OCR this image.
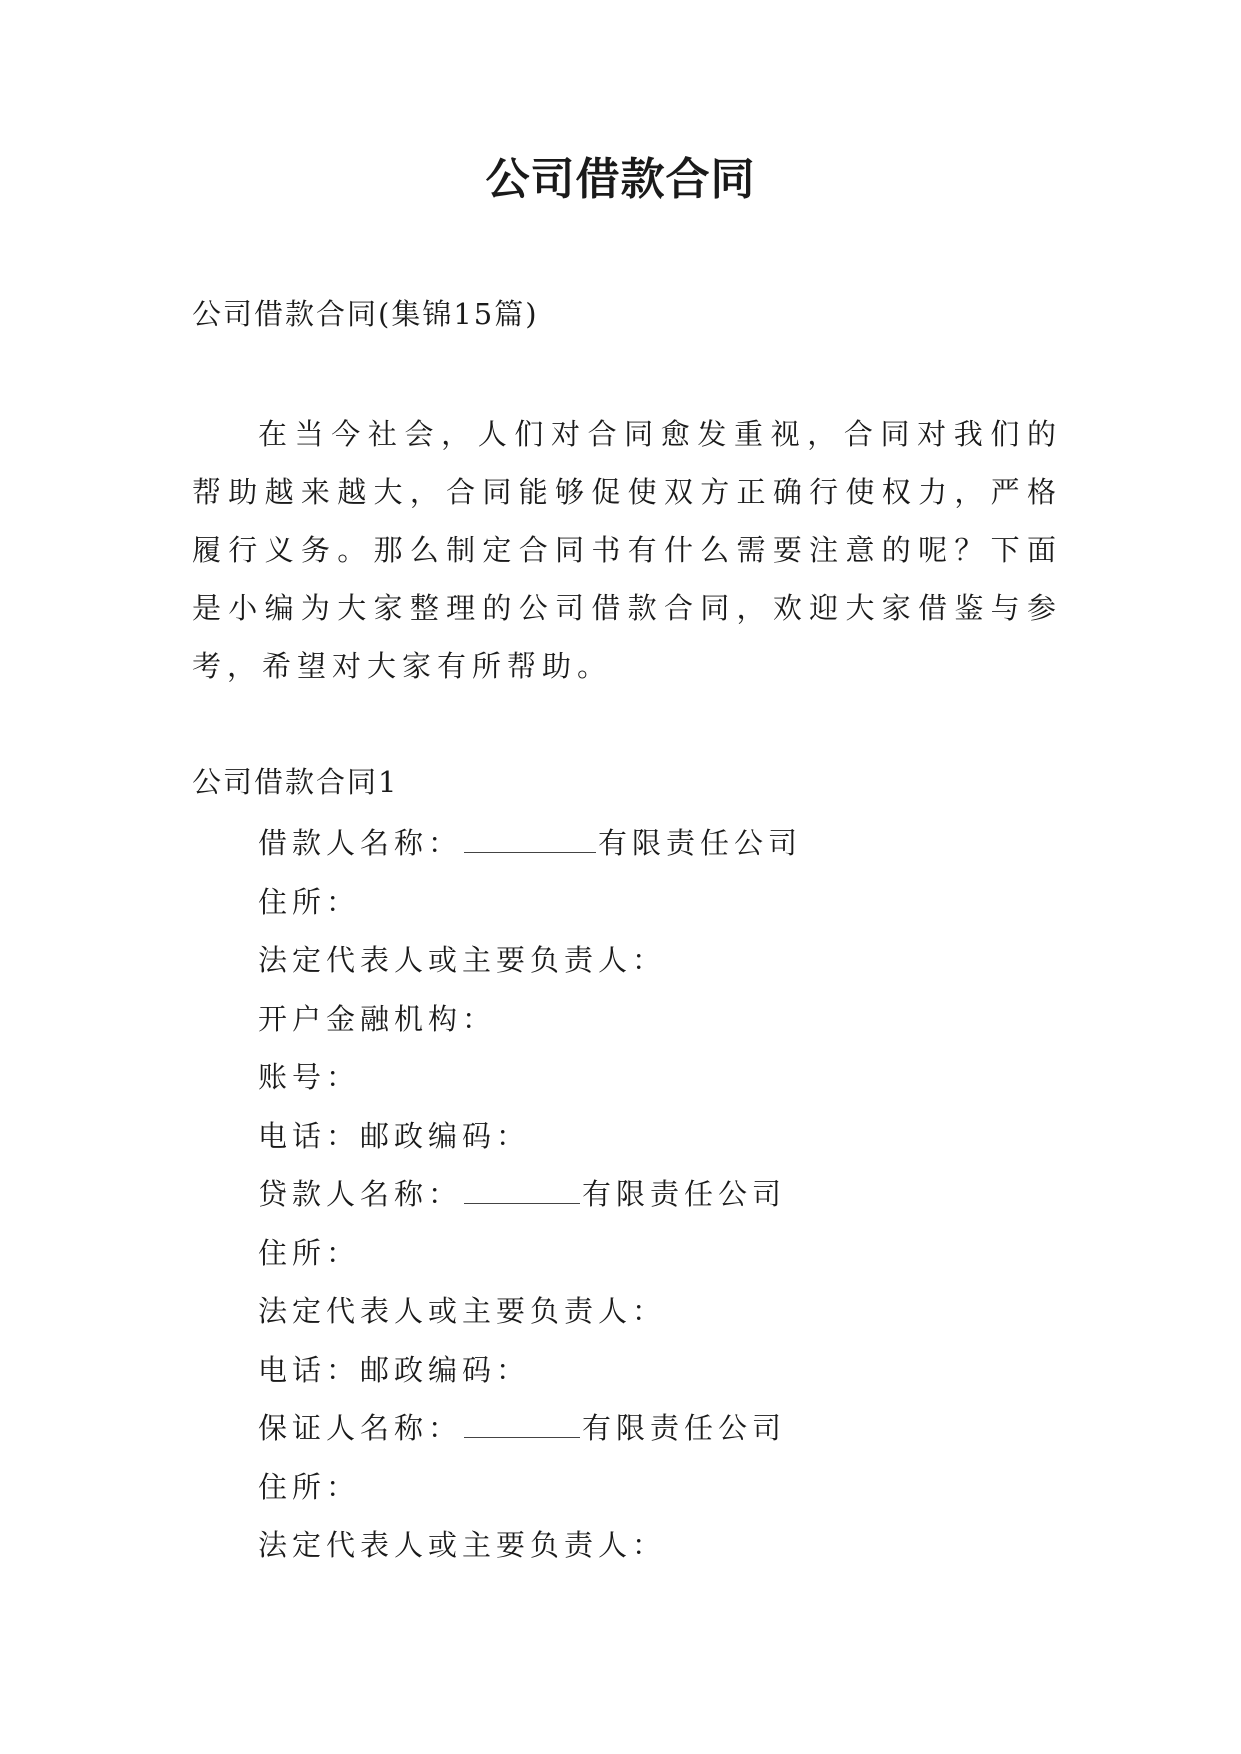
公司借款合同
公司借款合同(集锦15篇)
在当今社会，人们对合同愈发重视，合同对我们的帮助越来越大，合同能够促使双方正确行使权力，严格履行义务。那么制定合同书有什么需要注意的呢？下面是小编为大家整理的公司借款合同，欢迎大家借鉴与参考，希望对大家有所帮助。
公司借款合同1
借款人名称：	有限责任公司
住所：
法定代表人或主要负责人：
开户金融机构：
账号：
电话：邮政编码：
贷款人名称：	有限责任公司
住所：
法定代表人或主要负责人：
电话：邮政编码：
保证人名称：	有限责任公司
住所：
法定代表人或主要负责人：
